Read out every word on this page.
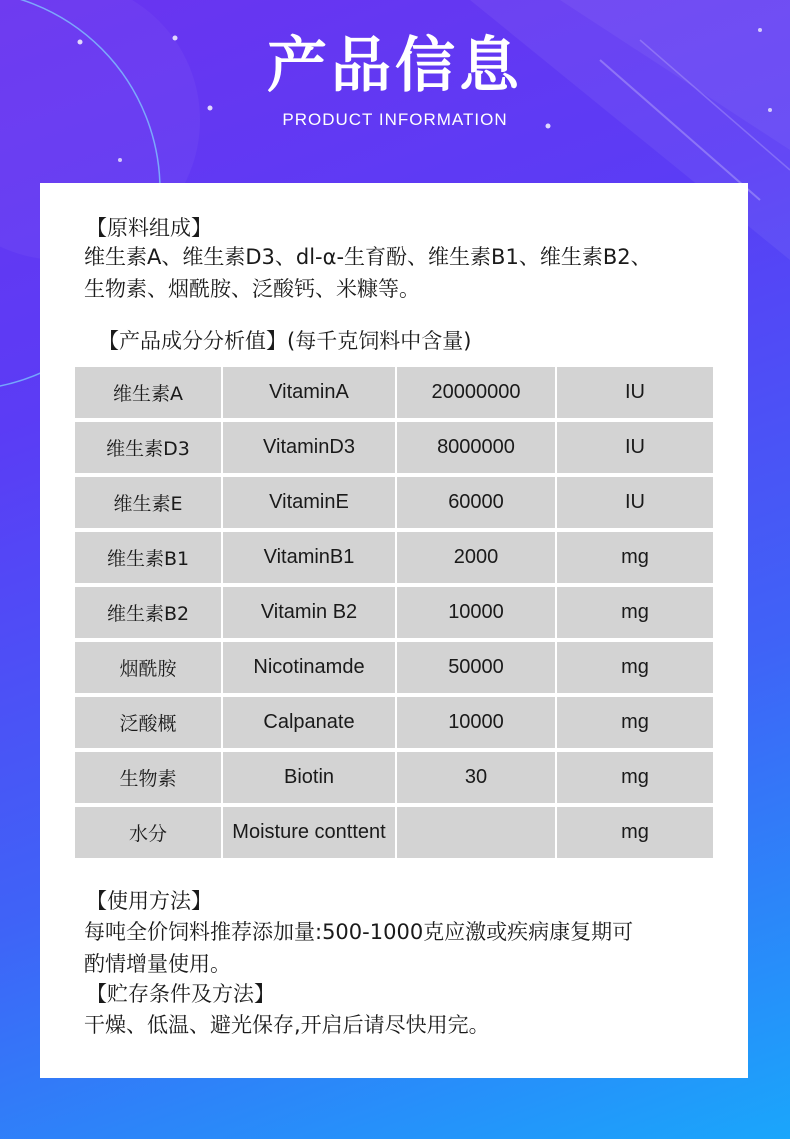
产品信息
PRODUCT INFORMATION
【原料组成】
维生素A、维生素D3、dl-α-生育酚、维生素B1、维生素B2、
生物素、烟酰胺、泛酸钙、米糠等。
【产品成分分析值】(每千克饲料中含量)
维生素A	VitaminA	20000000	IU
维生素D3	VitaminD3	8000000	IU
维生素E	VitaminE	60000	IU
维生素B1	VitaminB1	2000	mg
维生素B2	Vitamin B2	10000	mg
烟酰胺	Nicotinamde	50000	mg
泛酸概	Calpanate	10000	mg
生物素	Biotin	30	mg
水分	Moisture conttent		mg
【使用方法】
每吨全价饲料推荐添加量:500-1000克应激或疾病康复期可
酌情增量使用。
【贮存条件及方法】
干燥、低温、避光保存,开启后请尽快用完。
